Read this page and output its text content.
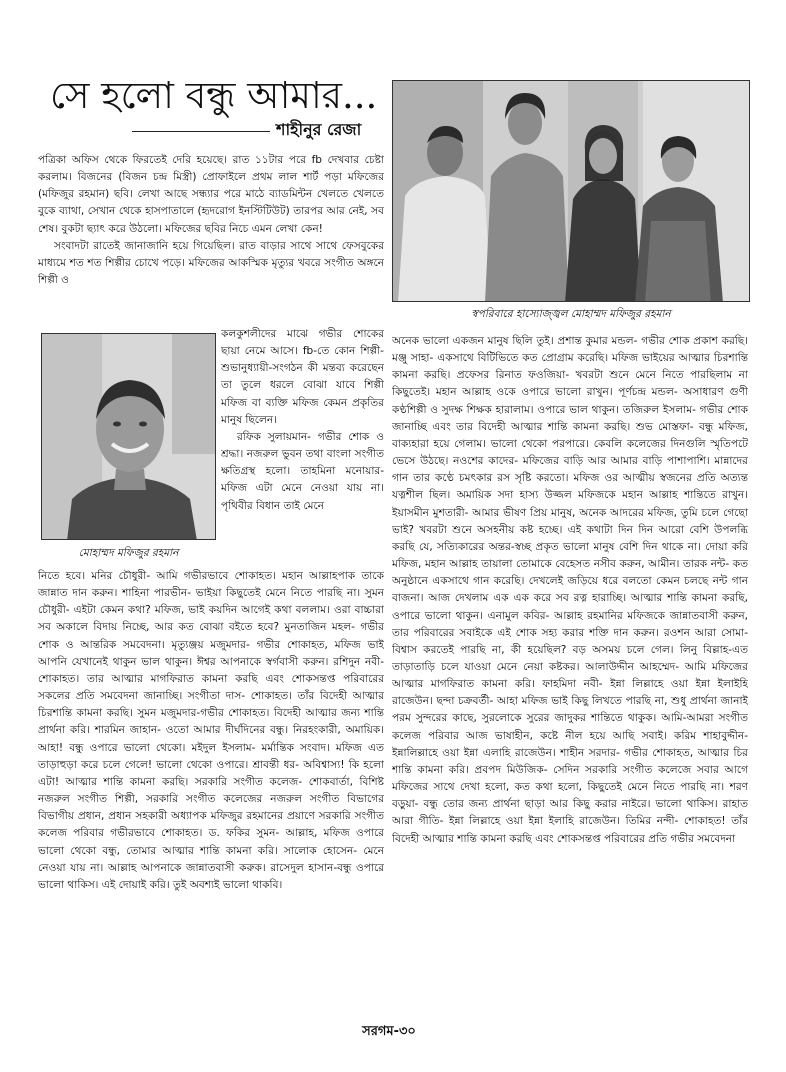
সে হলো বন্ধু আমার...
শাহীনুর রেজা

পত্রিকা অফিস থেকে ফিরতেই দেরি হয়েছে। রাত ১১টার পরে fb দেখবার চেষ্টা করলাম। বিজনের (বিজন চন্দ্র মিস্ত্রী) প্রোফাইলে প্রথম লাল শার্ট পড়া মফিজের (মফিজুর রহমান) ছবি। লেখা আছে সন্ধ্যার পরে মাঠে ব্যাডমিন্টন খেলতে খেলতে বুকে ব্যাথা, সেখান থেকে হাসপাতালে (হৃদরোগ ইনস্টিটিউট) তারপর আর নেই, সব শেষ। বুকটা ছ্যাৎ করে উঠলো। মফিজের ছবির নিচে এমন লেখা কেন!

সংবাদটা রাতেই জানাজানি হয়ে গিয়েছিল। রাত বাড়ার সাথে সাথে ফেসবুকের মাধ্যমে শত শত শিল্পীর চোখে পড়ে। মফিজের আকস্মিক মৃত্যুর খবরে সংগীত অঙ্গনে শিল্পী ও

মোহাম্মদ মফিজুর রহমান

কলকুশলীদের মাঝে গভীর শোকের ছায়া নেমে আসে। fb-তে কোন শিল্পী-শুভানুধ্যায়ী-সংগঠন কী মন্তব্য করেছেন তা তুলে ধরলে বোঝা যাবে শিল্পী মফিজ বা ব্যক্তি মফিজ কেমন প্রকৃতির মানুষ ছিলেন।

রফিক সুলায়মান- গভীর শোক ও শ্রদ্ধা। নজরুল ভুবন তথা বাংলা সংগীত ক্ষতিগ্রস্থ হলো। তাহমিনা মনোয়ার- মফিজ এটা মেনে নেওয়া যায় না। পৃথিবীর বিধান তাই মেনে

নিতে হবে। মনির চৌধুরী- আমি গভীরভাবে শোকাহত। মহান আল্লাহপাক তাকে জান্নাত দান করুন। শাহিনা পারভীন- ভাইয়া কিছুতেই মেনে নিতে পারছি না। সুমন চৌধুরী- এইটা কেমন কথা? মফিজ, ভাই কয়দিন আগেই কথা বললাম। ওরা বাচ্চারা সব অকালে বিদায় নিচ্ছে, আর কত বোঝা বইতে হবে? মুনতাজিন মহল- গভীর শোক ও আন্তরিক সমবেদনা। মৃত্যুঞ্জয় মজুমদার- গভীর শোকাহত, মফিজ ভাই আপনি যেখানেই থাকুন ভাল থাকুন। ঈশ্বর আপনাকে স্বর্গবাসী করুন। রশিদুন নবী- শোকাহত। তার আত্মার মাগফিরাত কামনা করছি এবং শোকসন্তপ্ত পরিবারের সকলের প্রতি সমবেদনা জানাচ্ছি। সংগীতা দাস- শোকাহত। তাঁর বিদেহী আত্মার চিরশান্তি কামনা করছি। সুমন মজুমদার-গভীর শোকাহত। বিদেহী আত্মার জন্য শান্তি প্রার্থনা করি। শারমিন জাহান- ওতো আমার দীর্ঘদিনের বন্ধু। নিরহংকারী, অমায়িক। আহা! বন্ধু ওপারে ভালো থেকো। মইদুল ইসলাম- মর্মান্তিক সংবাদ। মফিজ এত তাড়াহুড়া করে চলে গেলে! ভালো থেকো ওপারে। শ্রাবন্তী ধর- অবিশ্বাস্য! কি হলো এটা! আত্মার শান্তি কামনা করছি। সরকারি সংগীত কলেজ- শোকবার্তা, বিশিষ্ট নজরুল সংগীত শিল্পী, সরকারি সংগীত কলেজের নজরুল সংগীত বিভাগের বিভাগীয় প্রধান, প্রধান সহকারী অধ্যাপক মফিজুর রহমানের প্রয়াণে সরকারি সংগীত কলেজ পরিবার গভীরভাবে শোকাহত। ড. ফকির সুমন- আল্লাহ, মফিজ ওপারে ভালো থেকো বন্ধু, তোমার আত্মার শান্তি কামনা করি। সালোক হোসেন- মেনে নেওয়া যায় না। আল্লাহ আপনাকে জান্নাতবাসী করুক। রাসেদুল হাসান-বন্ধু ওপারে ভালো থাকিস। এই দোয়াই করি। তুই অবশ্যই ভালো থাকবি।

স্বপরিবারে হাস্যোজ্জ্বল মোহাম্মদ মফিজুর রহমান

অনেক ভালো একজন মানুষ ছিলি তুই। প্রশান্ত কুমার মন্ডল- গভীর শোক প্রকাশ করছি। মঞ্জু সাহা- একসাথে বিটিভিতে কত প্রোগ্রাম করেছি। মফিজ ভাইয়ের আত্মার চিরশান্তি কামনা করছি। প্রফেসর রিনাত ফওজিয়া- খবরটা শুনে মেনে নিতে পারছিলাম না কিছুতেই। মহান আল্লাহ ওকে ওপারে ভালো রাখুন। পূর্ণচন্দ্র মন্ডল- অসাধারণ গুণী কণ্ঠশিল্পী ও সুদক্ষ শিক্ষক হারালাম। ওপারে ভাল থাকুন। তজিরুল ইসলাম- গভীর শোক জানাচ্ছি এবং তার বিদেহী আত্মার শান্তি কামনা করছি। শুভ মোস্তফা- বন্ধু মফিজ, বাক্যহারা হয়ে গেলাম। ভালো থেকো পরপারে। কেবলি কলেজের দিনগুলি স্মৃতিপটে ভেসে উঠছে। নওশের কাদের- মফিজের বাড়ি আর আমার বাড়ি পাশাপাশি। মান্নাদের গান তার কণ্ঠে চমৎকার রস সৃষ্টি করতো। মফিজ ওর আত্মীয় স্বজনের প্রতি অত্যন্ত যত্নশীল ছিল। অমায়িক সদা হাস্য উজ্জল মফিজকে মহান আল্লাহ শান্তিতে রাখুন। ইয়াসমীন মুশতারী- আমার ভীষণ প্রিয় মানুষ, অনেক আদরের মফিজ, তুমি চলে গেছো ভাই? খবরটা শুনে অসহনীয় কষ্ট হচ্ছে। এই কথাটা দিন দিন আরো বেশি উপলব্ধি করছি যে, সত্যিকারের অন্তর-স্বচ্ছ প্রকৃত ভালো মানুষ বেশি দিন থাকে না। দোয়া করি মফিজ, মহান আল্লাহ তায়ালা তোমাকে বেহেসত নসীব করুন, আমীন। তারক নন্ট- কত অনুষ্ঠানে একসাথে গান করেছি। দেখলেই জড়িয়ে ধরে বলতো কেমন চলছে নন্ট গান বাজনা। আজ দেখলাম এক এক করে সব রত্ন হারাচ্ছি। আত্মার শান্তি কামনা করছি, ওপারে ভালো থাকুন। এনামুল কবির- আল্লাহ রহমানির মফিজকে জান্নাতবাসী করুন, তার পরিবারের সবাইকে এই শোক সহ্য করার শক্তি দান করুন। রওশন আরা সোমা- বিশ্বাস করতেই পারছি না, কী হয়েছিল? বড় অসময় চলে গেল। লিনু বিল্লাহ-এত তাড়াতাড়ি চলে যাওয়া মেনে নেয়া কষ্টকর। আলাউদ্দীন আহম্মেদ- আমি মফিজের আত্মার মাগফিরাত কামনা করি। ফাহমিদা নবী- ইন্না লিল্লাহে ওয়া ইন্না ইলাইহি রাজেউন। ছন্দা চক্রবর্তী- আহা মফিজ ভাই কিছু লিখতে পারছি না, শুধু প্রার্থনা জানাই পরম সুন্দরের কাছে, সুরলোকে সুরের জাদুকর শান্তিতে থাকুক। আমি-আমরা সংগীত কলেজ পরিবার আজ ভাষাহীন, কষ্টে নীল হয়ে আছি সবাই। করিম শাহাবুদ্দীন- ইন্নালিল্লাহে ওয়া ইন্না এলাহি রাজেউন। শাহীন সরদার- গভীর শোকাহত, আত্মার চির শান্তি কামনা করি। প্রবপদ মিউজিক- সেদিন সরকারি সংগীত কলেজে সবার আগে মফিজের সাথে দেখা হলো, কত কথা হলো, কিছুতেই মেনে নিতে পারছি না। শরণ বড়ুয়া- বন্ধু তোর জন্য প্রার্থনা ছাড়া আর কিছু করার নাইরে। ভালো থাকিস। রাহাত আরা গীতি- ইন্না লিল্লাহে ওয়া ইন্না ইলাহি রাজেউন। তিমির নন্দী- শোকাহত! তাঁর বিদেহী আত্মার শান্তি কামনা করছি এবং শোকসন্তপ্ত পরিবারের প্রতি গভীর সমবেদনা

সরগম-৩০
